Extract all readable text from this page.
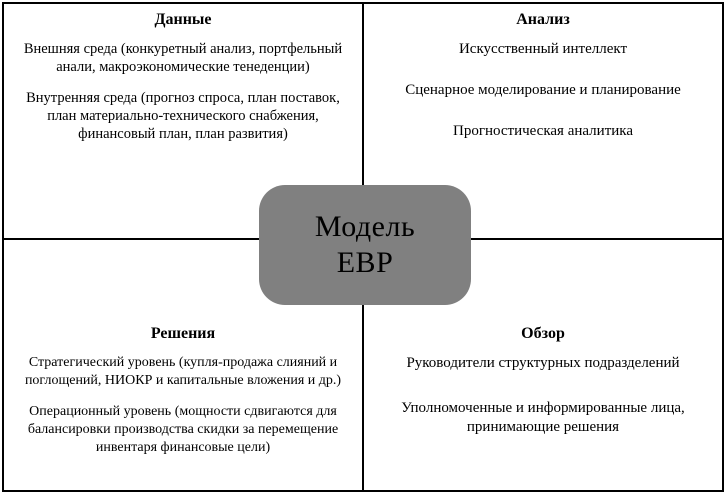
Данные
Внешняя среда (конкуретный анализ, портфельный анали, макроэкономические тенеденции)
Внутренняя среда (прогноз спроса, план поставок, план материально-технического снабжения, финансовый план, план развития)
Анализ
Искусственный интеллект
Сценарное моделирование и планирование
Прогностическая аналитика
Решения
Стратегический уровень (купля-продажа слияний и поглощений, НИОКР и капитальные вложения и др.)
Операционный уровень (мощности сдвигаются для балансировки производства скидки за перемещение инвентаря финансовые цели)
Обзор
Руководители структурных подразделений
Уполномоченные и информированные лица, принимающие решения
Модель
EBP
